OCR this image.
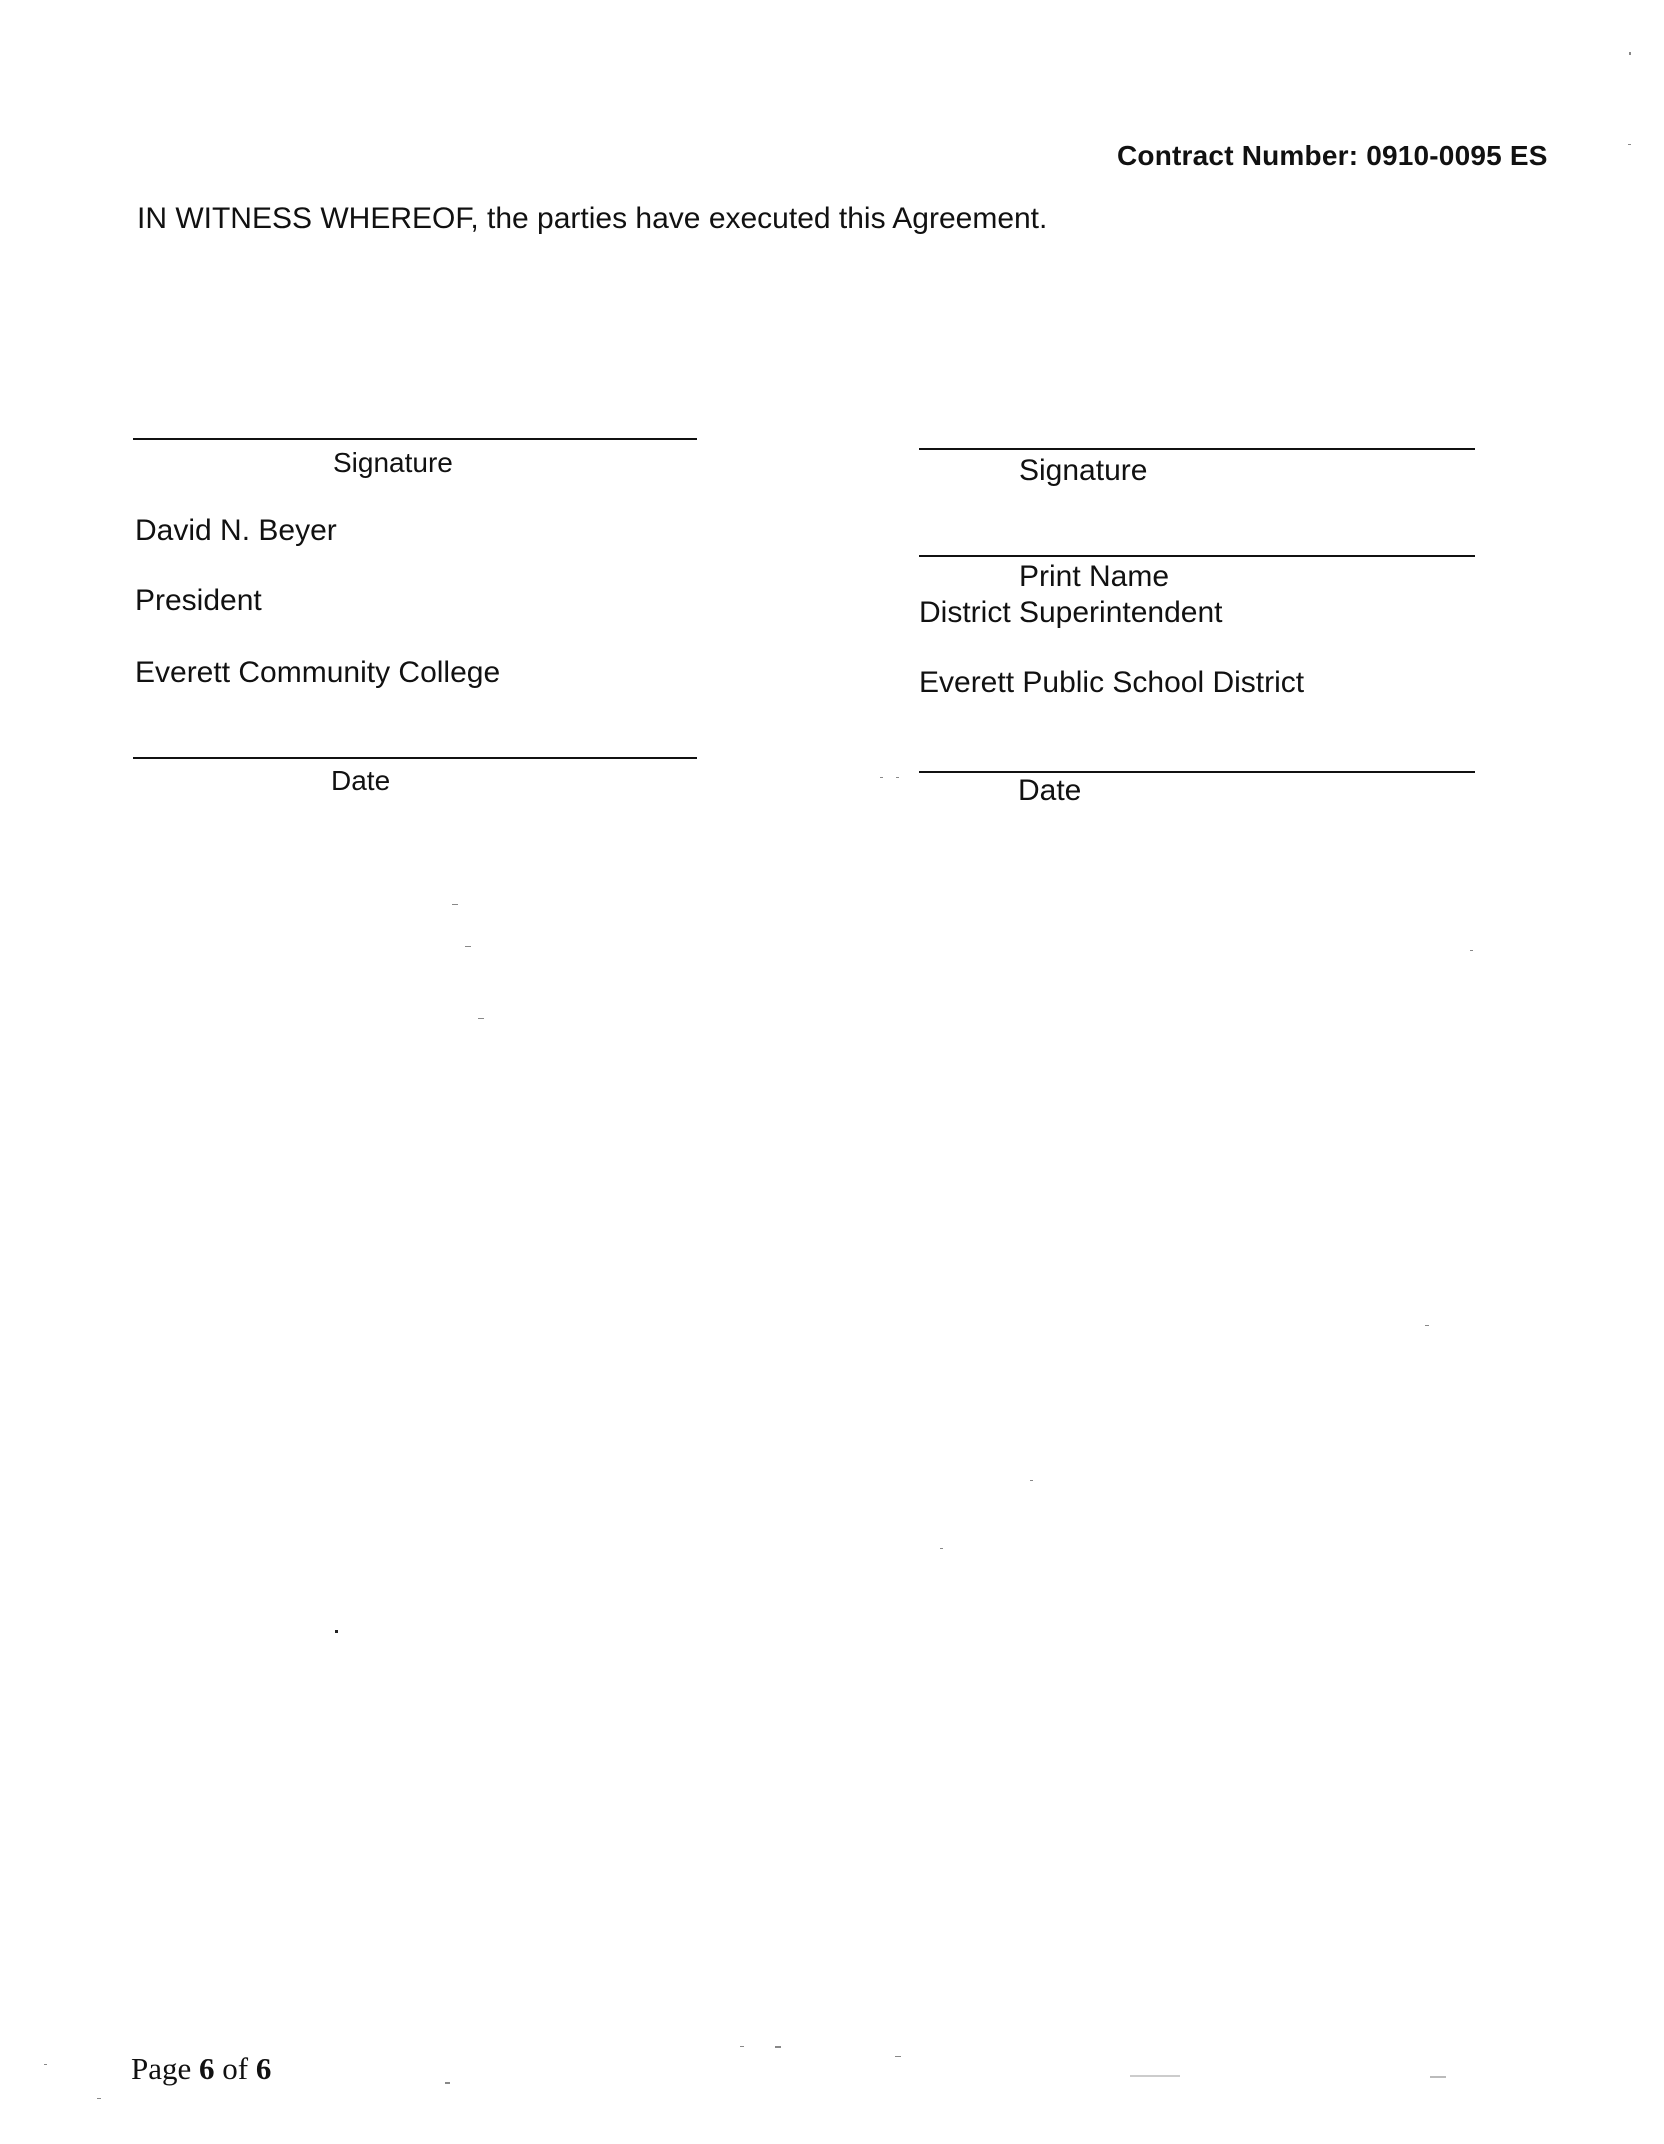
Contract Number: 0910-0095 ES
IN WITNESS WHEREOF, the parties have executed this Agreement.
Signature
David N. Beyer
President
Everett Community College
Date
Signature
Print Name
District Superintendent
Everett Public School District
Date
Page 6 of 6
